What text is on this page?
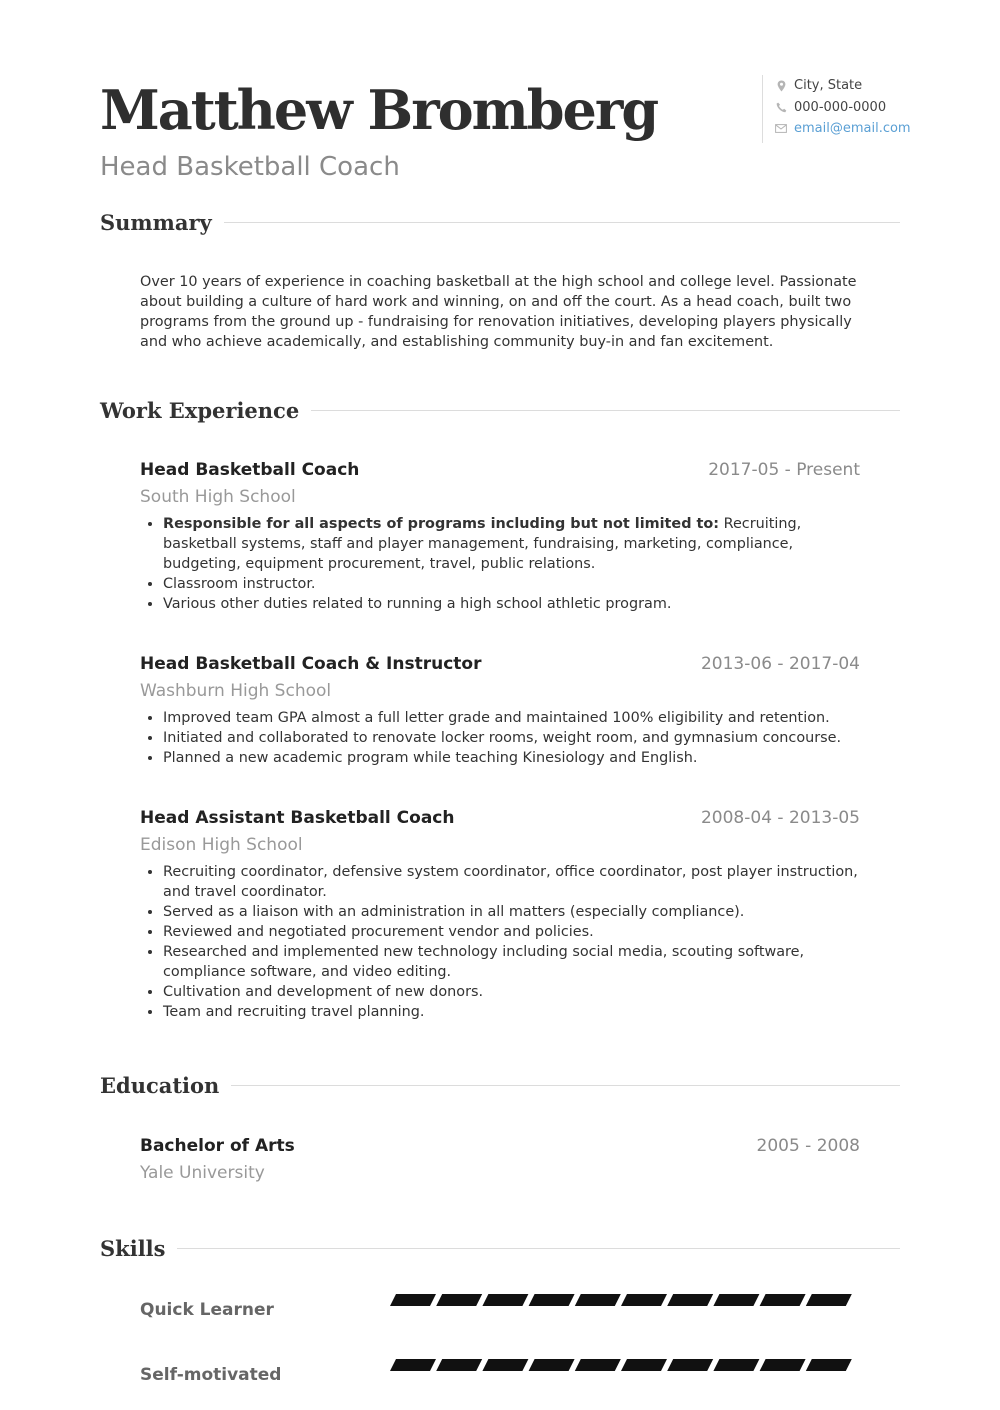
Matthew Bromberg
Head Basketball Coach
City, State
000-000-0000
email@email.com
Summary

Over 10 years of experience in coaching basketball at the high school and college level. Passionate about building a culture of hard work and winning, on and off the court. As a head coach, built two programs from the ground up - fundraising for renovation initiatives, developing players physically and who achieve academically, and establishing community buy-in and fan excitement.

Work Experience
Head Basketball Coach	2017-05 - Present
South High School
• Responsible for all aspects of programs including but not limited to: Recruiting, basketball systems, staff and player management, fundraising, marketing, compliance, budgeting, equipment procurement, travel, public relations.
• Classroom instructor.
• Various other duties related to running a high school athletic program.
Head Basketball Coach & Instructor	2013-06 - 2017-04
Washburn High School
• Improved team GPA almost a full letter grade and maintained 100% eligibility and retention.
• Initiated and collaborated to renovate locker rooms, weight room, and gymnasium concourse.
• Planned a new academic program while teaching Kinesiology and English.
Head Assistant Basketball Coach	2008-04 - 2013-05
Edison High School
• Recruiting coordinator, defensive system coordinator, office coordinator, post player instruction, and travel coordinator.
• Served as a liaison with an administration in all matters (especially compliance).
• Reviewed and negotiated procurement vendor and policies.
• Researched and implemented new technology including social media, scouting software, compliance software, and video editing.
• Cultivation and development of new donors.
• Team and recruiting travel planning.
Education
Bachelor of Arts	2005 - 2008
Yale University
Skills
Quick Learner
Self-motivated
